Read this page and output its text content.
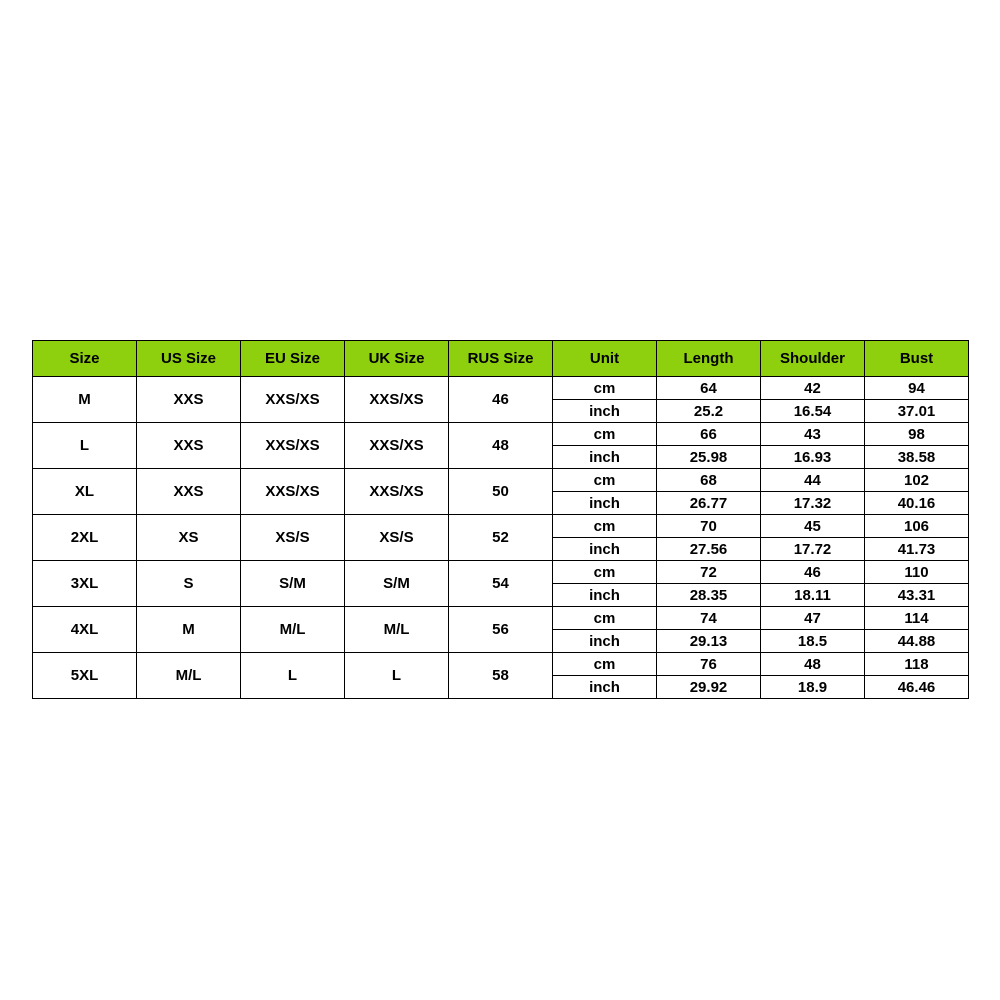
Size	US Size	EU Size	UK Size	RUS Size	Unit	Length	Shoulder	Bust
M	XXS	XXS/XS	XXS/XS	46	cm	64	42	94
					inch	25.2	16.54	37.01
L	XXS	XXS/XS	XXS/XS	48	cm	66	43	98
					inch	25.98	16.93	38.58
XL	XXS	XXS/XS	XXS/XS	50	cm	68	44	102
					inch	26.77	17.32	40.16
2XL	XS	XS/S	XS/S	52	cm	70	45	106
					inch	27.56	17.72	41.73
3XL	S	S/M	S/M	54	cm	72	46	110
					inch	28.35	18.11	43.31
4XL	M	M/L	M/L	56	cm	74	47	114
					inch	29.13	18.5	44.88
5XL	M/L	L	L	58	cm	76	48	118
					inch	29.92	18.9	46.46
